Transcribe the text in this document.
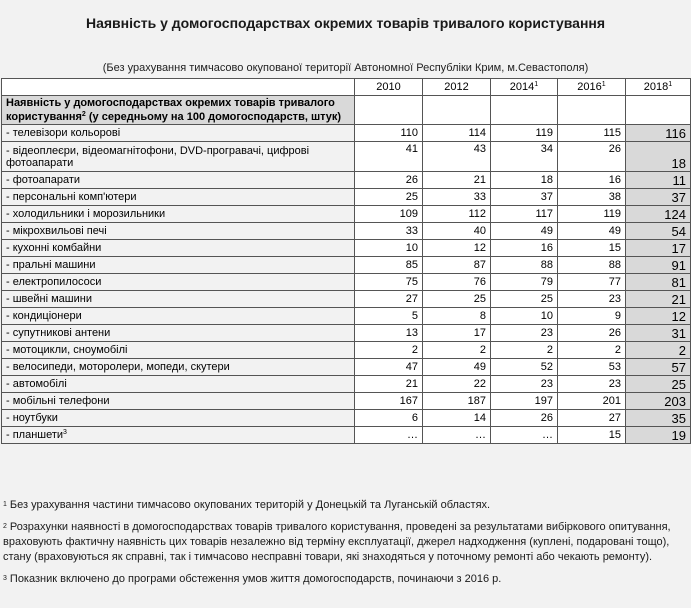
Наявність у домогосподарствах окремих товарів тривалого користування
(Без урахування тимчасово окупованої території Автономної Республіки Крим, м.Севастополя)
	2010	2012	2014$^1$	2016$^1$	2018$^1$
Наявність у домогосподарствах окремих товарів тривалого користування$^2$ (у середньому на 100 домогосподарств, штук)					
- телевізори кольорові	110	114	119	115	116
- відеоплеєри, відеомагнітофони, DVD-програвачі, цифрові фотоапарати	41	43	34	26	18
- фотоапарати	26	21	18	16	11
- персональні комп'ютери	25	33	37	38	37
- холодильники і морозильники	109	112	117	119	124
- мікрохвильові печі	33	40	49	49	54
- кухонні комбайни	10	12	16	15	17
- пральні машини	85	87	88	88	91
- електропилососи	75	76	79	77	81
- швейні машини	27	25	25	23	21
- кондиціонери	5	8	10	9	12
- супутникові антени	13	17	23	26	31
- мотоцикли, сноумобілі	2	2	2	2	2
- велосипеди, моторолери, мопеди, скутери	47	49	52	53	57
- автомобілі	21	22	23	23	25
- мобільні телефони	167	187	197	201	203
- ноутбуки	6	14	26	27	35
- планшети$^3$	…	…	…	15	19

$^1$ Без урахування частини тимчасово окупованих територій у Донецькій та Луганській областях.

$^2$ Розрахунки наявності в домогосподарствах товарів тривалого користування, проведені за результатами вибіркового опитування, враховують фактичну наявність цих товарів незалежно від терміну експлуатації, джерел надходження (куплені, подаровані тощо), стану (враховуються як справні, так і тимчасово несправні товари, які знаходяться у поточному ремонті або чекають ремонту).

$^3$ Показник включено до програми обстеження умов життя домогосподарств, починаючи з 2016 р.
